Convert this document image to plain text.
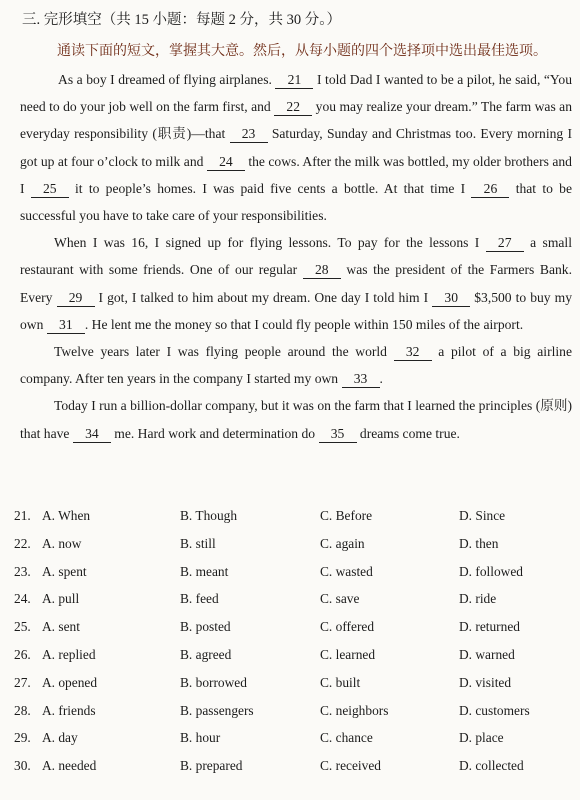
三. 完形填空（共 15 小题：每题 2 分，共 30 分。）
通读下面的短文，掌握其大意。然后，从每小题的四个选择项中选出最佳选项。

As a boy I dreamed of flying airplanes. 21 I told Dad I wanted to be a pilot, he said, “You need to do your job well on the farm first, and 22 you may realize your dream.” The farm was an everyday responsibility (职责)—that 23 Saturday, Sunday and Christmas too. Every morning I got up at four o’clock to milk and 24 the cows. After the milk was bottled, my older brothers and I 25 it to people’s homes. I was paid five cents a bottle. At that time I 26 that to be successful you have to take care of your responsibilities.

When I was 16, I signed up for flying lessons. To pay for the lessons I 27 a small restaurant with some friends. One of our regular 28 was the president of the Farmers Bank. Every 29 I got, I talked to him about my dream. One day I told him I 30 $3,500 to buy my own 31 . He lent me the money so that I could fly people within 150 miles of the airport.

Twelve years later I was flying people around the world 32 a pilot of a big airline company. After ten years in the company I started my own 33 .

Today I run a billion-dollar company, but it was on the farm that I learned the principles (原则) that have 34 me. Hard work and determination do 35 dreams come true.

21. A. When	B. Though	C. Before	D. Since
22. A. now	B. still	C. again	D. then
23. A. spent	B. meant	C. wasted	D. followed
24. A. pull	B. feed	C. save	D. ride
25. A. sent	B. posted	C. offered	D. returned
26. A. replied	B. agreed	C. learned	D. warned
27. A. opened	B. borrowed	C. built	D. visited
28. A. friends	B. passengers	C. neighbors	D. customers
29. A. day	B. hour	C. chance	D. place
30. A. needed	B. prepared	C. received	D. collected
